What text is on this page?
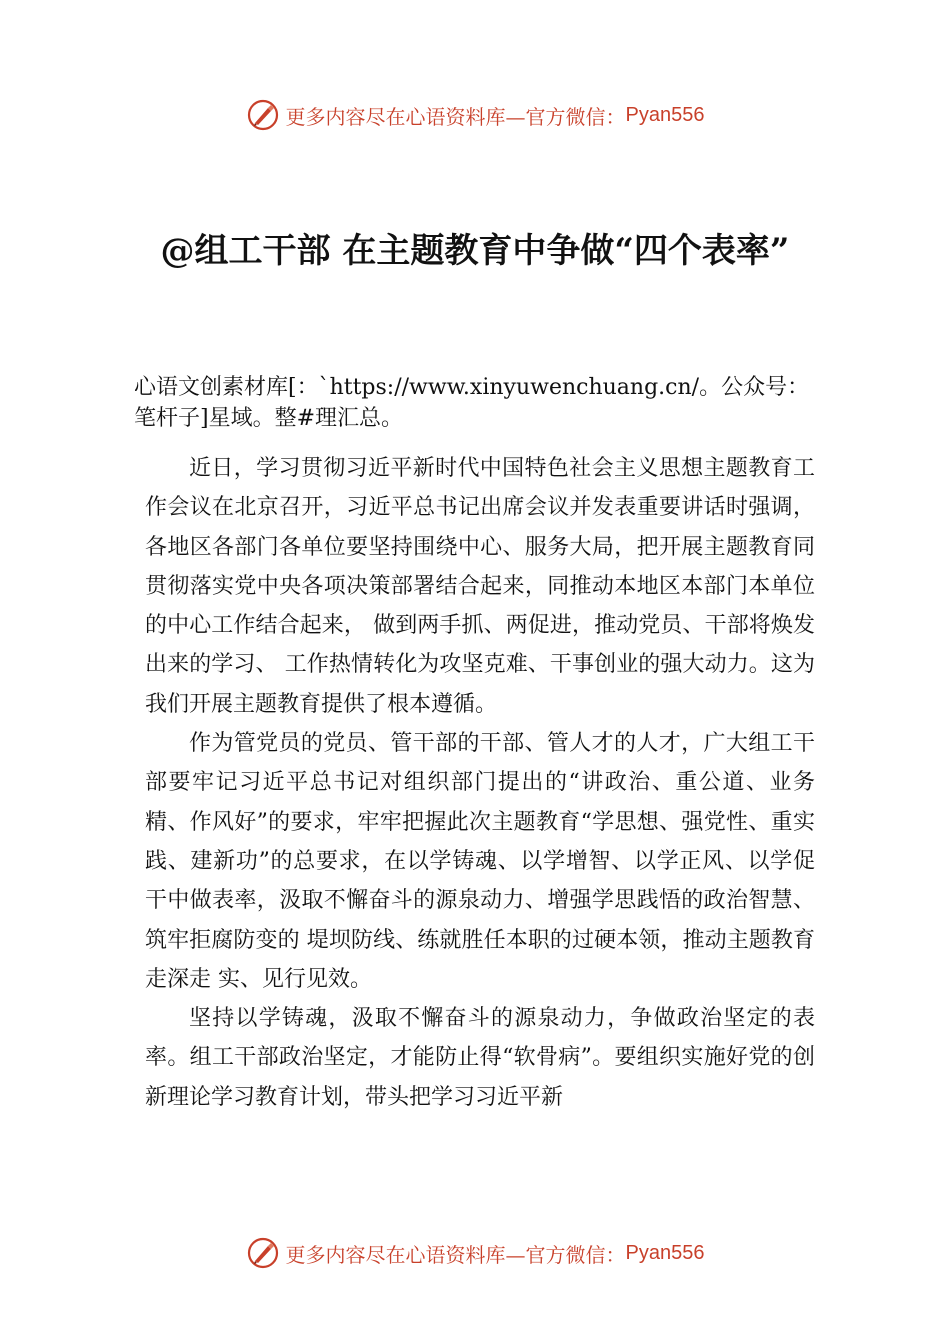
更多内容尽在心语资料库—官方微信： Pyan556
@组工干部 在主题教育中争做“四个表率”

心语文创素材库[：`https://www.xinyuwenchuang.cn/。公众号：笔杆子]星域。整#理汇总。

近日，学习贯彻习近平新时代中国特色社会主义思想主题教育工作会议在北京召开，习近平总书记出席会议并发表重要讲话时强调，各地区各部门各单位要坚持围绕中心、服务大局，把开展主题教育同贯彻落实党中央各项决策部署结合起来，同推动本地区本部门本单位的中心工作结合起来， 做到两手抓、两促进，推动党员、干部将焕发出来的学习、 工作热情转化为攻坚克难、干事创业的强大动力。这为我们开展主题教育提供了根本遵循。

作为管党员的党员、管干部的干部、管人才的人才，广大组工干部要牢记习近平总书记对组织部门提出的“讲政治、重公道、业务精、作风好”的要求，牢牢把握此次主题教育“学思想、强党性、重实践、建新功”的总要求，在以学铸魂、以学增智、以学正风、以学促干中做表率，汲取不懈奋斗的源泉动力、增强学思践悟的政治智慧、筑牢拒腐防变的 堤坝防线、练就胜任本职的过硬本领，推动主题教育走深走 实、见行见效。

坚持以学铸魂，汲取不懈奋斗的源泉动力，争做政治坚定的表率。组工干部政治坚定，才能防止得“软骨病”。要组织实施好党的创新理论学习教育计划，带头把学习习近平新

更多内容尽在心语资料库—官方微信： Pyan556
